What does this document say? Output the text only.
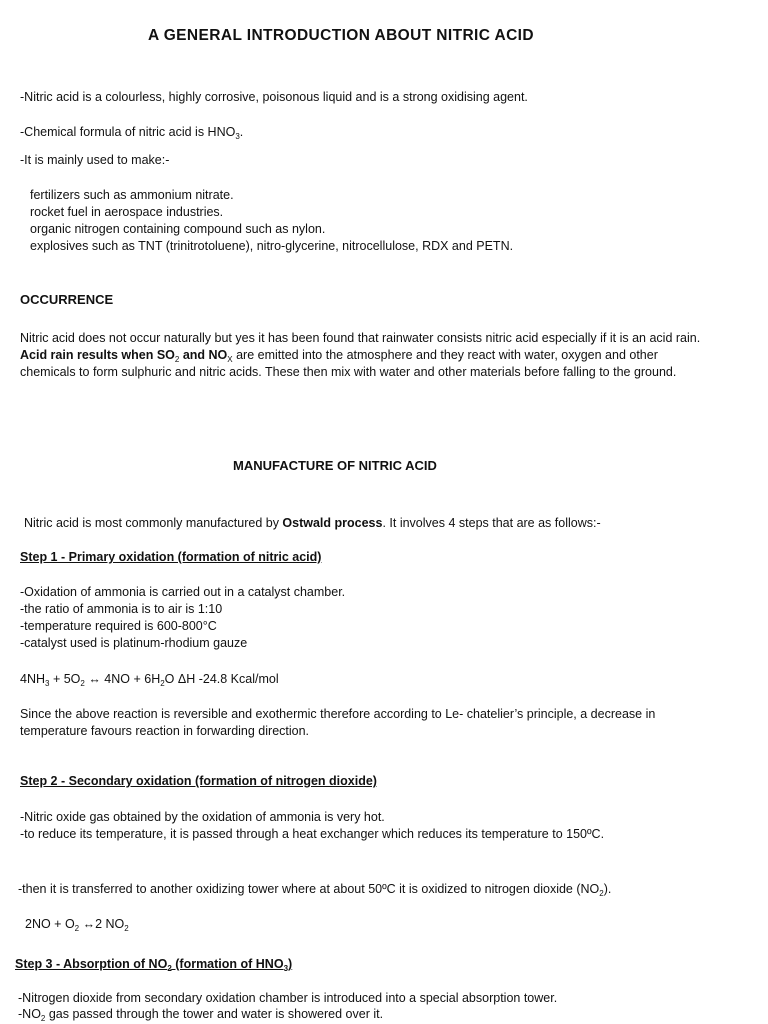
A GENERAL INTRODUCTION ABOUT NITRIC ACID
-Nitric acid is a colourless, highly corrosive, poisonous liquid and is a strong oxidising agent.
-Chemical formula of nitric acid is $HNO_3$.
-It is mainly used to make:-
fertilizers such as ammonium nitrate.
rocket fuel in aerospace industries.
organic nitrogen containing compound such as nylon.
explosives such as TNT (trinitrotoluene), nitro-glycerine, nitrocellulose, RDX and PETN.
OCCURRENCE
Nitric acid does not occur naturally but yes it has been found that rainwater consists nitric acid especially if it is an acid rain.
Acid rain results when $SO_2$ and $NO_X$ are emitted into the atmosphere and they react with water, oxygen and other
chemicals to form sulphuric and nitric acids. These then mix with water and other materials before falling to the ground.
MANUFACTURE OF NITRIC ACID
Nitric acid is most commonly manufactured by Ostwald process. It involves 4 steps that are as follows:-
Step 1 - Primary oxidation (formation of nitric acid)
-Oxidation of ammonia is carried out in a catalyst chamber.
-the ratio of ammonia is to air is 1:10
-temperature required is 600-800°C
-catalyst used is platinum-rhodium gauze
$4NH_3 + 5O_2$ ↔ $4NO + 6H_2O$ ΔH -24.8 Kcal/mol
Since the above reaction is reversible and exothermic therefore according to Le- chatelier’s principle, a decrease in
temperature favours reaction in forwarding direction.
Step 2 - Secondary oxidation (formation of nitrogen dioxide)
-Nitric oxide gas obtained by the oxidation of ammonia is very hot.
-to reduce its temperature, it is passed through a heat exchanger which reduces its temperature to 150ºC.
-then it is transferred to another oxidizing tower where at about 50ºC it is oxidized to nitrogen dioxide $(NO_2)$.
$2NO + O_2$ ↔2 $NO_2$
Step 3 - Absorption of $NO_2$ (formation of $HNO_3$)
-Nitrogen dioxide from secondary oxidation chamber is introduced into a special absorption tower.
$-NO_2$ gas passed through the tower and water is showered over it.
